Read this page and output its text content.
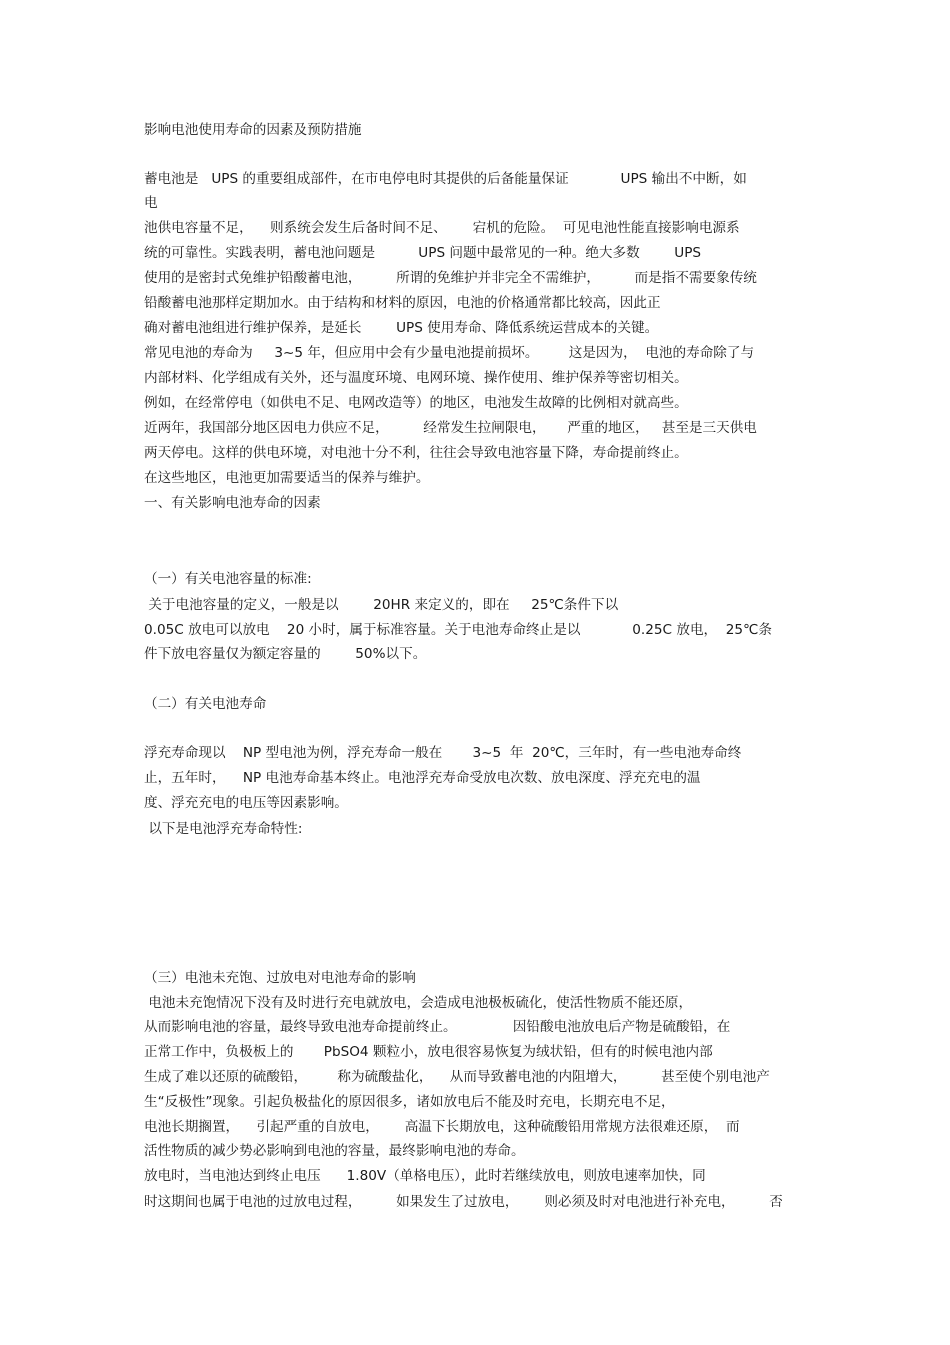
影响电池使用寿命的因素及预防措施
蓄电池是   UPS 的重要组成部件，在市电停电时其提供的后备能量保证            UPS 输出不中断，如
电
池供电容量不足，    则系统会发生后备时间不足、      宕机的危险。  可见电池性能直接影响电源系
统的可靠性。实践表明，蓄电池问题是          UPS 问题中最常见的一种。绝大多数        UPS
使用的是密封式免维护铅酸蓄电池，        所谓的免维护并非完全不需维护，        而是指不需要象传统
铅酸蓄电池那样定期加水。由于结构和材料的原因，电池的价格通常都比较高，因此正
确对蓄电池组进行维护保养，是延长        UPS 使用寿命、降低系统运营成本的关键。
常见电池的寿命为     3~5 年，但应用中会有少量电池提前损坏。       这是因为，  电池的寿命除了与
内部材料、化学组成有关外，还与温度环境、电网环境、操作使用、维护保养等密切相关。
例如，在经常停电（如供电不足、电网改造等）的地区，电池发生故障的比例相对就高些。
近两年，我国部分地区因电力供应不足，        经常发生拉闸限电，     严重的地区，   甚至是三天供电
两天停电。这样的供电环境，对电池十分不利，往往会导致电池容量下降，寿命提前终止。
在这些地区，电池更加需要适当的保养与维护。
一、有关影响电池寿命的因素
（一）有关电池容量的标准:
关于电池容量的定义，一般是以        20HR 来定义的，即在     25℃条件下以
0.05C 放电可以放电    20 小时，属于标准容量。关于电池寿命终止是以            0.25C 放电，  25℃条
件下放电容量仅为额定容量的        50%以下。
（二）有关电池寿命
浮充寿命现以    NP 型电池为例，浮充寿命一般在       3~5  年  20℃，三年时，有一些电池寿命终
止，五年时，    NP 电池寿命基本终止。电池浮充寿命受放电次数、放电深度、浮充充电的温
度、浮充充电的电压等因素影响。
以下是电池浮充寿命特性:
（三）电池未充饱、过放电对电池寿命的影响
电池未充饱情况下没有及时进行充电就放电，会造成电池极板硫化，使活性物质不能还原，
从而影响电池的容量，最终导致电池寿命提前终止。             因铅酸电池放电后产物是硫酸铅，在
正常工作中，负极板上的       PbSO4 颗粒小，放电很容易恢复为绒状铅，但有的时候电池内部
生成了难以还原的硫酸铅，       称为硫酸盐化，    从而导致蓄电池的内阻增大，        甚至使个别电池产
生“反极性”现象。引起负极盐化的原因很多，诸如放电后不能及时充电，长期充电不足，
电池长期搁置，    引起严重的自放电，      高温下长期放电，这种硫酸铅用常规方法很难还原，  而
活性物质的减少势必影响到电池的容量，最终影响电池的寿命。
放电时，当电池达到终止电压      1.80V（单格电压），此时若继续放电，则放电速率加快，同
时这期间也属于电池的过放电过程，        如果发生了过放电，      则必须及时对电池进行补充电，        否
